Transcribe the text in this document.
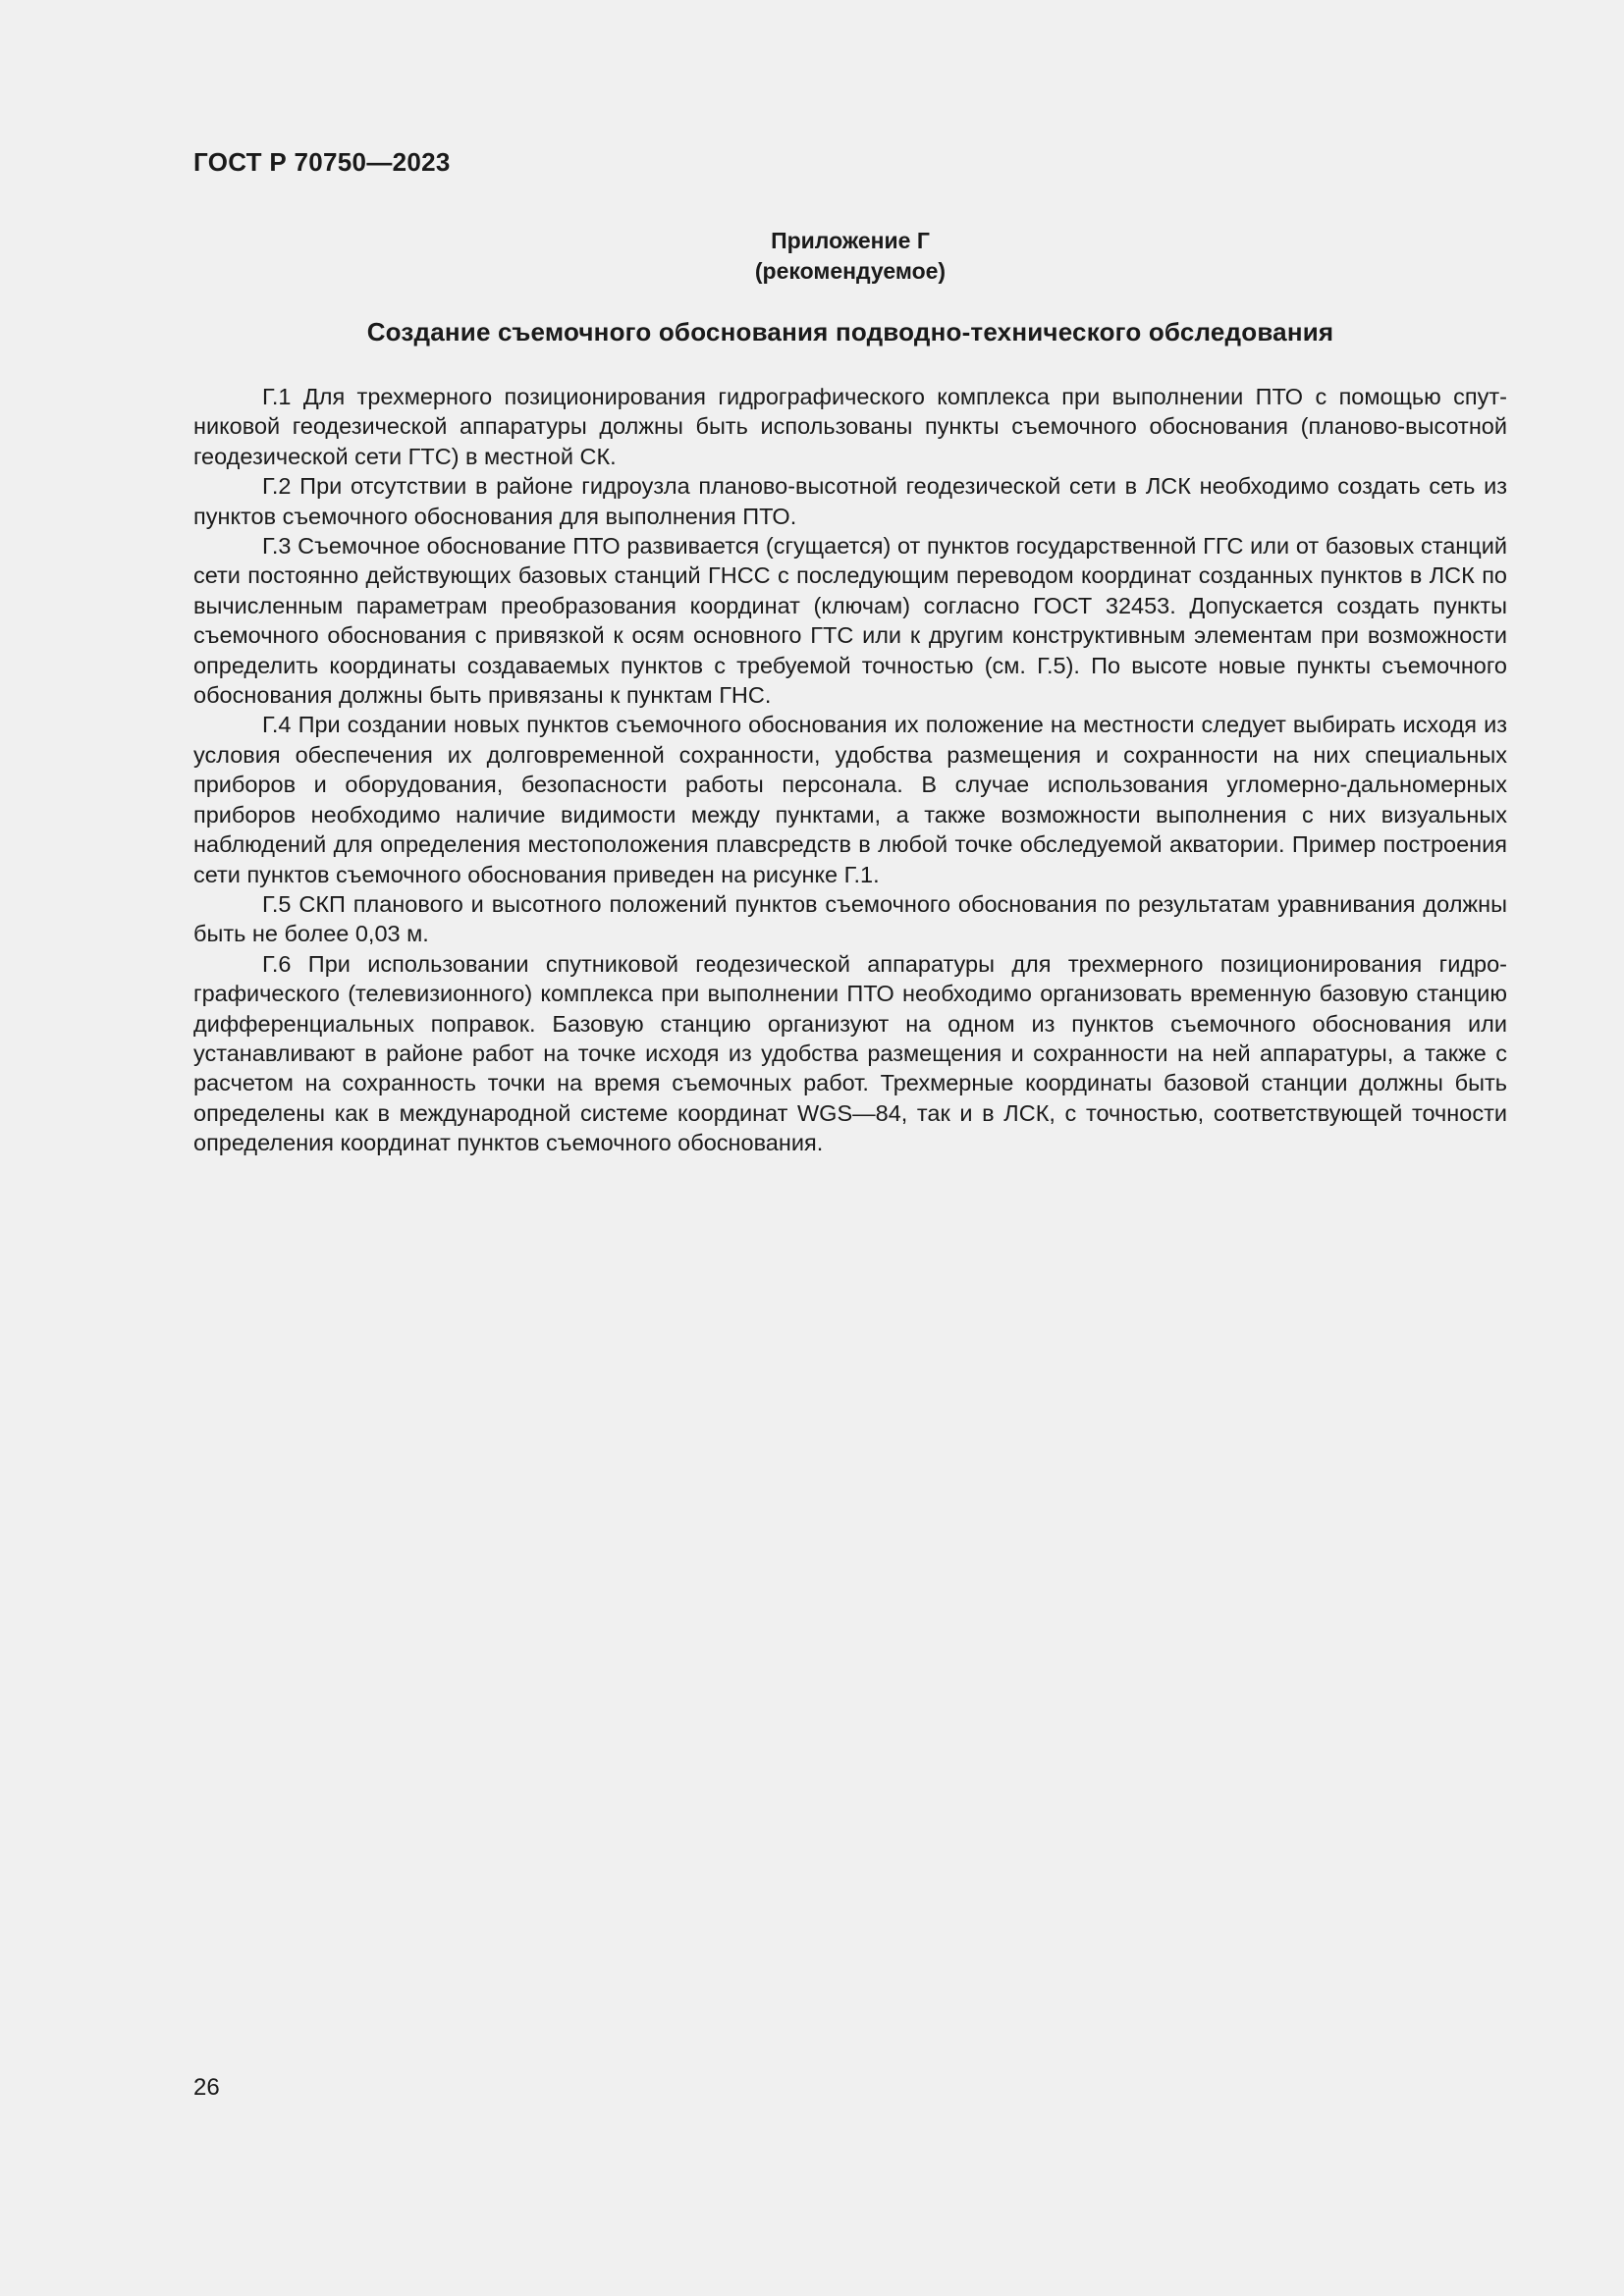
ГОСТ Р 70750—2023
Приложение Г
(рекомендуемое)
Создание съемочного обоснования подводно-технического обследования

Г.1 Для трехмерного позиционирования гидрографического комплекса при выполнении ПТО с помощью спутниковой геодезической аппаратуры должны быть использованы пункты съемочного обоснования (планово-высотной геодезической сети ГТС) в местной СК.

Г.2 При отсутствии в районе гидроузла планово-высотной геодезической сети в ЛСК необходимо создать сеть из пунктов съемочного обоснования для выполнения ПТО.

Г.3 Съемочное обоснование ПТО развивается (сгущается) от пунктов государственной ГГС или от базовых станций сети постоянно действующих базовых станций ГНСС с последующим переводом координат созданных пунктов в ЛСК по вычисленным параметрам преобразования координат (ключам) согласно ГОСТ 32453. Допускается создать пункты съемочного обоснования с привязкой к осям основного ГТС или к другим конструктивным элементам при возможности определить координаты создаваемых пунктов с требуемой точностью (см. Г.5). По высоте новые пункты съемочного обоснования должны быть привязаны к пунктам ГНС.

Г.4 При создании новых пунктов съемочного обоснования их положение на местности следует выбирать исходя из условия обеспечения их долговременной сохранности, удобства размещения и сохранности на них специальных приборов и оборудования, безопасности работы персонала. В случае использования угломерно-дальномерных приборов необходимо наличие видимости между пунктами, а также возможности выполнения с них визуальных наблюдений для определения местоположения плавсредств в любой точке обследуемой акватории. Пример построения сети пунктов съемочного обоснования приведен на рисунке Г.1.

Г.5 СКП планового и высотного положений пунктов съемочного обоснования по результатам уравнивания должны быть не более 0,03 м.

Г.6 При использовании спутниковой геодезической аппаратуры для трехмерного позиционирования гидрографического (телевизионного) комплекса при выполнении ПТО необходимо организовать временную базовую станцию дифференциальных поправок. Базовую станцию организуют на одном из пунктов съемочного обоснования или устанавливают в районе работ на точке исходя из удобства размещения и сохранности на ней аппаратуры, а также с расчетом на сохранность точки на время съемочных работ. Трехмерные координаты базовой станции должны быть определены как в международной системе координат WGS—84, так и в ЛСК, с точностью, соответствующей точности определения координат пунктов съемочного обоснования.

26
